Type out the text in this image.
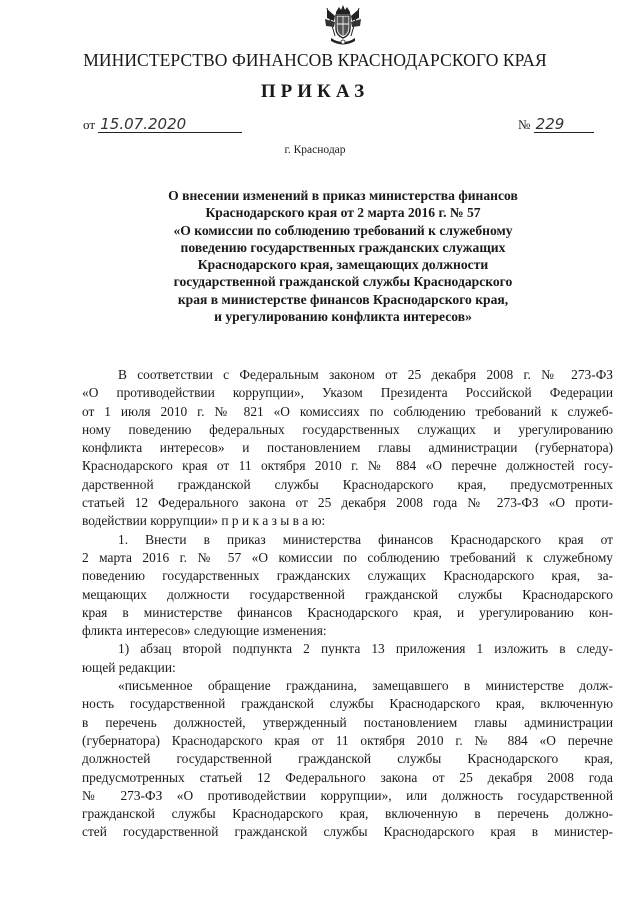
МИНИСТЕРСТВО ФИНАНСОВ КРАСНОДАРСКОГО КРАЯ
ПРИКАЗ
от 15.07.2020	№ 229
г. Краснодар
О внесении изменений в приказ министерства финансов
Краснодарского края от 2 марта 2016 г. № 57
«О комиссии по соблюдению требований к служебному
поведению государственных гражданских служащих
Краснодарского края, замещающих должности
государственной гражданской службы Краснодарского
края в министерстве финансов Краснодарского края,
и урегулированию конфликта интересов»
В соответствии с Федеральным законом от 25 декабря 2008 г. № 273-ФЗ
«О противодействии коррупции», Указом Президента Российской Федерации
от 1 июля 2010 г. № 821 «О комиссиях по соблюдению требований к служеб-
ному поведению федеральных государственных служащих и урегулированию
конфликта интересов» и постановлением главы администрации (губернатора)
Краснодарского края от 11 октября 2010 г. № 884 «О перечне должностей госу-
дарственной гражданской службы Краснодарского края, предусмотренных
статьей 12 Федерального закона от 25 декабря 2008 года № 273-ФЗ «О проти-
водействии коррупции» п р и к а з ы в а ю:
1. Внести в приказ министерства финансов Краснодарского края от
2 марта 2016 г. № 57 «О комиссии по соблюдению требований к служебному
поведению государственных гражданских служащих Краснодарского края, за-
мещающих должности государственной гражданской службы Краснодарского
края в министерстве финансов Краснодарского края, и урегулированию кон-
фликта интересов» следующие изменения:
1) абзац второй подпункта 2 пункта 13 приложения 1 изложить в следу-
ющей редакции:
«письменное обращение гражданина, замещавшего в министерстве долж-
ность государственной гражданской службы Краснодарского края, включенную
в перечень должностей, утвержденный постановлением главы администрации
(губернатора) Краснодарского края от 11 октября 2010 г. № 884 «О перечне
должностей государственной гражданской службы Краснодарского края,
предусмотренных статьей 12 Федерального закона от 25 декабря 2008 года
№ 273-ФЗ «О противодействии коррупции», или должность государственной
гражданской службы Краснодарского края, включенную в перечень должно-
стей государственной гражданской службы Краснодарского края в министер-
